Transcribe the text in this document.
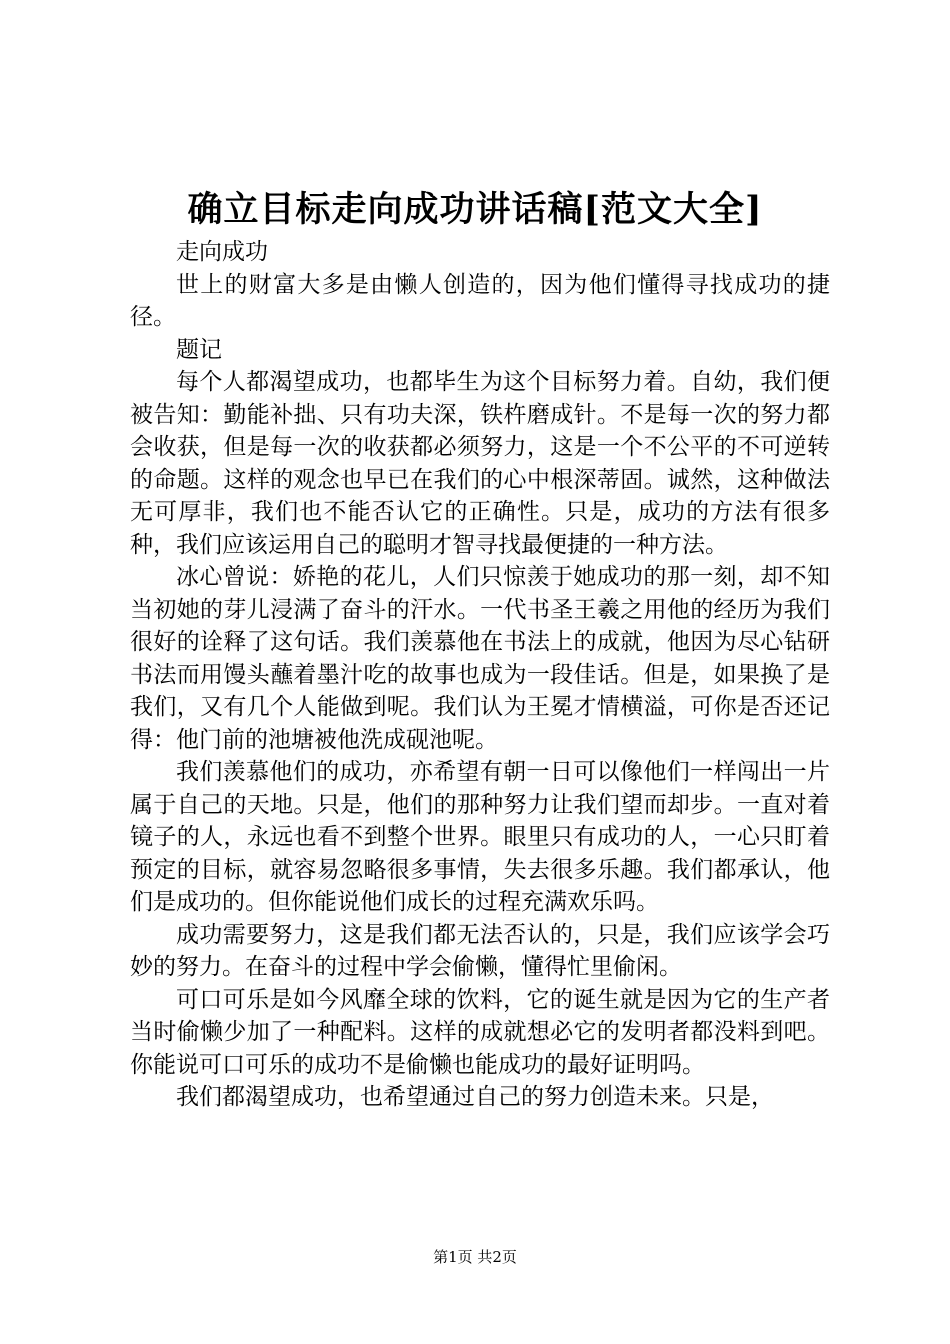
确立目标走向成功讲话稿[范文大全]

走向成功

世上的财富大多是由懒人创造的，因为他们懂得寻找成功的捷径。

题记

每个人都渴望成功，也都毕生为这个目标努力着。自幼，我们便被告知：勤能补拙、只有功夫深，铁杵磨成针。不是每一次的努力都会收获，但是每一次的收获都必须努力，这是一个不公平的不可逆转的命题。这样的观念也早已在我们的心中根深蒂固。诚然，这种做法无可厚非，我们也不能否认它的正确性。只是，成功的方法有很多种，我们应该运用自己的聪明才智寻找最便捷的一种方法。

冰心曾说：娇艳的花儿，人们只惊羡于她成功的那一刻，却不知当初她的芽儿浸满了奋斗的汗水。一代书圣王羲之用他的经历为我们很好的诠释了这句话。我们羡慕他在书法上的成就，他因为尽心钻研书法而用馒头蘸着墨汁吃的故事也成为一段佳话。但是，如果换了是我们，又有几个人能做到呢。我们认为王冕才情横溢，可你是否还记得：他门前的池塘被他洗成砚池呢。

我们羡慕他们的成功，亦希望有朝一日可以像他们一样闯出一片属于自己的天地。只是，他们的那种努力让我们望而却步。一直对着镜子的人，永远也看不到整个世界。眼里只有成功的人，一心只盯着预定的目标，就容易忽略很多事情，失去很多乐趣。我们都承认，他们是成功的。但你能说他们成长的过程充满欢乐吗。

成功需要努力，这是我们都无法否认的，只是，我们应该学会巧妙的努力。在奋斗的过程中学会偷懒，懂得忙里偷闲。

可口可乐是如今风靡全球的饮料，它的诞生就是因为它的生产者当时偷懒少加了一种配料。这样的成就想必它的发明者都没料到吧。你能说可口可乐的成功不是偷懒也能成功的最好证明吗。

我们都渴望成功，也希望通过自己的努力创造未来。只是，

第1页 共2页
